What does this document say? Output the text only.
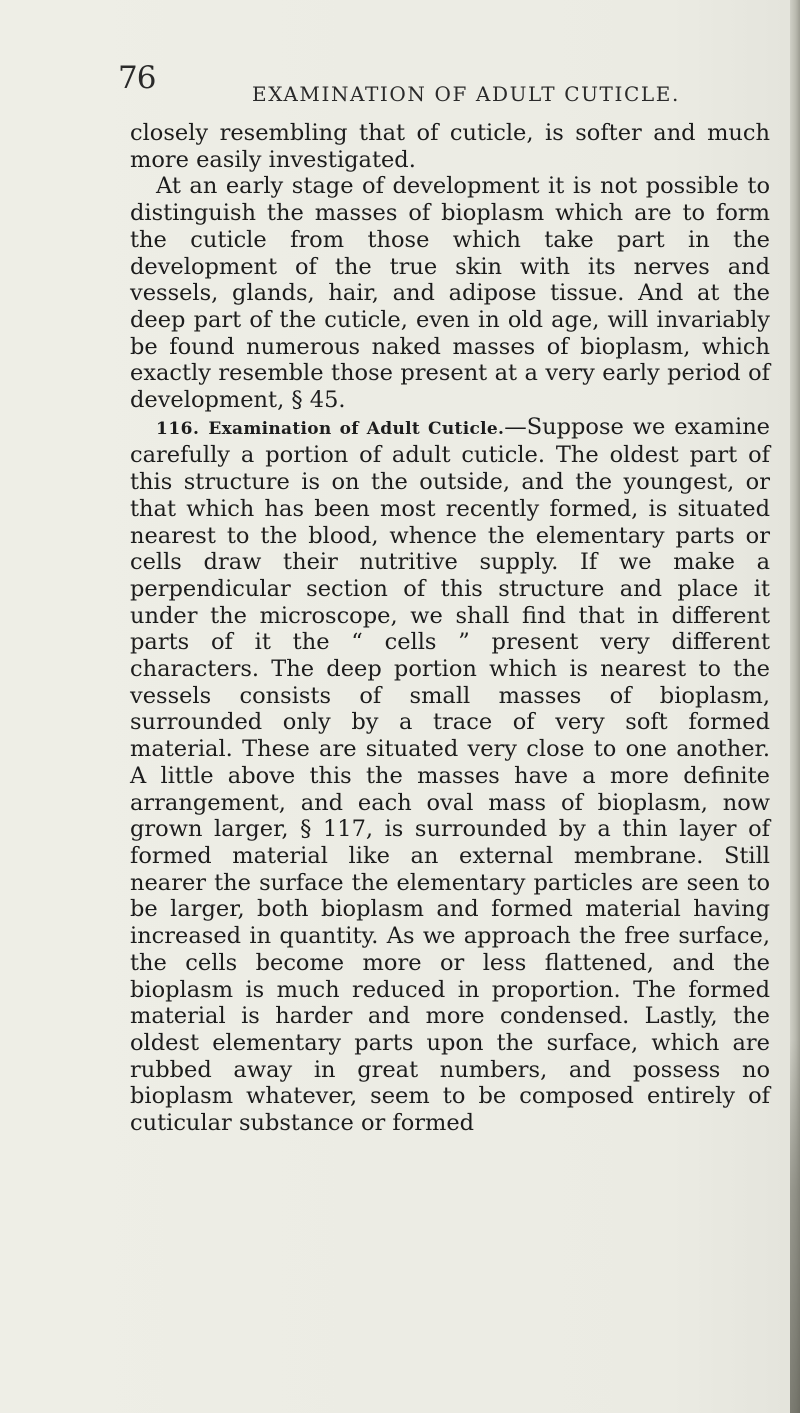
76	EXAMINATION OF ADULT CUTICLE.

closely resembling that of cuticle, is softer and much more easily investigated.

At an early stage of development it is not possible to distinguish the masses of bioplasm which are to form the cuticle from those which take part in the development of the true skin with its nerves and vessels, glands, hair, and adipose tissue. And at the deep part of the cuticle, even in old age, will invariably be found numerous naked masses of bioplasm, which exactly resemble those present at a very early period of development, § 45.

116. Examination of Adult Cuticle.—Suppose we examine carefully a portion of adult cuticle. The oldest part of this structure is on the outside, and the youngest, or that which has been most recently formed, is situated nearest to the blood, whence the elementary parts or cells draw their nutritive supply. If we make a perpendicular section of this structure and place it under the microscope, we shall find that in different parts of it the “ cells ” present very different characters. The deep portion which is nearest to the vessels consists of small masses of bioplasm, surrounded only by a trace of very soft formed material. These are situated very close to one another. A little above this the masses have a more definite arrangement, and each oval mass of bioplasm, now grown larger, § 117, is surrounded by a thin layer of formed material like an external membrane. Still nearer the surface the elementary particles are seen to be larger, both bioplasm and formed material having increased in quantity. As we approach the free surface, the cells become more or less flattened, and the bioplasm is much reduced in proportion. The formed material is harder and more condensed. Lastly, the oldest elementary parts upon the surface, which are rubbed away in great numbers, and possess no bioplasm whatever, seem to be composed entirely of cuticular substance or formed
